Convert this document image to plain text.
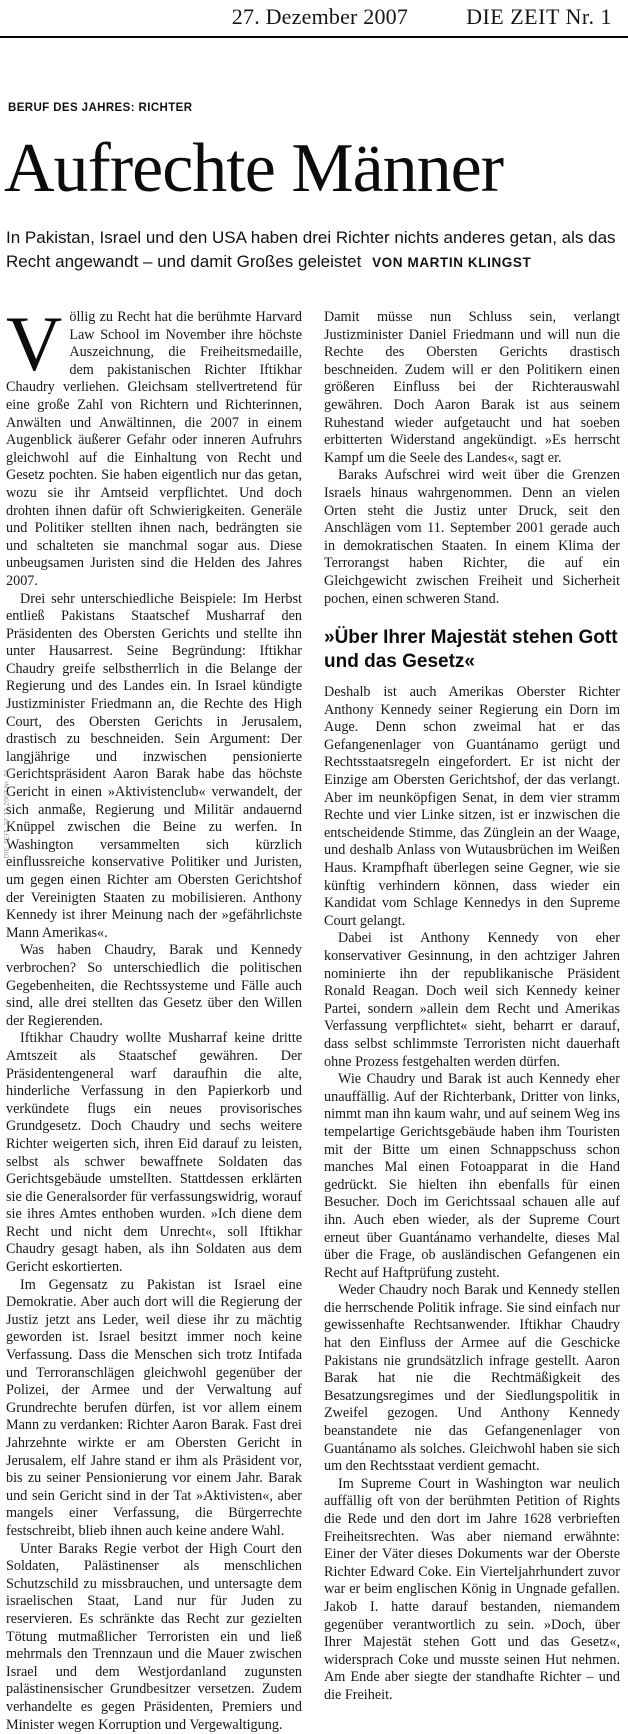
27. Dezember 2007	DIE ZEIT Nr. 1
DIE ZEIT, 27.12.2007 Nr. 01
BERUF DES JAHRES: RICHTER
Aufrechte Männer

In Pakistan, Israel und den USA haben drei Richter nichts anderes getan, als das Recht angewandt – und damit Großes geleistet VON MARTIN KLINGST

V öllig zu Recht hat die berühmte Harvard Law School im November ihre höchste Auszeichnung, die Freiheitsmedaille, dem pakistanischen Richter Iftikhar Chaudry verliehen. Gleichsam stellvertretend für eine große Zahl von Richtern und Richterinnen, Anwälten und Anwältinnen, die 2007 in einem Augenblick äußerer Gefahr oder inneren Aufruhrs gleichwohl auf die Einhaltung von Recht und Gesetz pochten. Sie haben eigentlich nur das getan, wozu sie ihr Amtseid verpflichtet. Und doch drohten ihnen dafür oft Schwierigkeiten. Generäle und Politiker stellten ihnen nach, bedrängten sie und schalteten sie manchmal sogar aus. Diese unbeugsamen Juristen sind die Helden des Jahres 2007.

Drei sehr unterschiedliche Beispiele: Im Herbst entließ Pakistans Staatschef Musharraf den Präsidenten des Obersten Gerichts und stellte ihn unter Hausarrest. Seine Begründung: Iftikhar Chaudry greife selbstherrlich in die Belange der Regierung und des Landes ein. In Israel kündigte Justizminister Friedmann an, die Rechte des High Court, des Obersten Gerichts in Jerusalem, drastisch zu beschneiden. Sein Argument: Der langjährige und inzwischen pensionierte Gerichtspräsident Aaron Barak habe das höchste Gericht in einen »Aktivistenclub« verwandelt, der sich anmaße, Regierung und Militär andauernd Knüppel zwischen die Beine zu werfen. In Washington versammelten sich kürzlich einflussreiche konservative Politiker und Juristen, um gegen einen Richter am Obersten Gerichtshof der Vereinigten Staaten zu mobilisieren. Anthony Kennedy ist ihrer Meinung nach der »gefährlichste Mann Amerikas«.

Was haben Chaudry, Barak und Kennedy verbrochen? So unterschiedlich die politischen Gegebenheiten, die Rechtssysteme und Fälle auch sind, alle drei stellten das Gesetz über den Willen der Regierenden.

Iftikhar Chaudry wollte Musharraf keine dritte Amtszeit als Staatschef gewähren. Der Präsidentengeneral warf daraufhin die alte, hinderliche Verfassung in den Papierkorb und verkündete flugs ein neues provisorisches Grundgesetz. Doch Chaudry und sechs weitere Richter weigerten sich, ihren Eid darauf zu leisten, selbst als schwer bewaffnete Soldaten das Gerichtsgebäude umstellten. Stattdessen erklärten sie die Generalsorder für verfassungswidrig, worauf sie ihres Amtes enthoben wurden. »Ich diene dem Recht und nicht dem Unrecht«, soll Iftikhar Chaudry gesagt haben, als ihn Soldaten aus dem Gericht eskortierten.

Im Gegensatz zu Pakistan ist Israel eine Demokratie. Aber auch dort will die Regierung der Justiz jetzt ans Leder, weil diese ihr zu mächtig geworden ist. Israel besitzt immer noch keine Verfassung. Dass die Menschen sich trotz Intifada und Terroranschlägen gleichwohl gegenüber der Polizei, der Armee und der Verwaltung auf Grundrechte berufen dürfen, ist vor allem einem Mann zu verdanken: Richter Aaron Barak. Fast drei Jahrzehnte wirkte er am Obersten Gericht in Jerusalem, elf Jahre stand er ihm als Präsident vor, bis zu seiner Pensionierung vor einem Jahr. Barak und sein Gericht sind in der Tat »Aktivisten«, aber mangels einer Verfassung, die Bürgerrechte festschreibt, blieb ihnen auch keine andere Wahl.

Unter Baraks Regie verbot der High Court den Soldaten, Palästinenser als menschlichen Schutzschild zu missbrauchen, und untersagte dem israelischen Staat, Land nur für Juden zu reservieren. Es schränkte das Recht zur gezielten Tötung mutmaßlicher Terroristen ein und ließ mehrmals den Trennzaun und die Mauer zwischen Israel und dem Westjordanland zugunsten palästinensischer Grundbesitzer versetzen. Zudem verhandelte es gegen Präsidenten, Premiers und Minister wegen Korruption und Vergewaltigung.

Damit müsse nun Schluss sein, verlangt Justizminister Daniel Friedmann und will nun die Rechte des Obersten Gerichts drastisch beschneiden. Zudem will er den Politikern einen größeren Einfluss bei der Richterauswahl gewähren. Doch Aaron Barak ist aus seinem Ruhestand wieder aufgetaucht und hat soeben erbitterten Widerstand angekündigt. »Es herrscht Kampf um die Seele des Landes«, sagt er.

Baraks Aufschrei wird weit über die Grenzen Israels hinaus wahrgenommen. Denn an vielen Orten steht die Justiz unter Druck, seit den Anschlägen vom 11. September 2001 gerade auch in demokratischen Staaten. In einem Klima der Terrorangst haben Richter, die auf ein Gleichgewicht zwischen Freiheit und Sicherheit pochen, einen schweren Stand.

»Über Ihrer Majestät stehen Gott und das Gesetz«

Deshalb ist auch Amerikas Oberster Richter Anthony Kennedy seiner Regierung ein Dorn im Auge. Denn schon zweimal hat er das Gefangenenlager von Guantánamo gerügt und Rechtsstaatsregeln eingefordert. Er ist nicht der Einzige am Obersten Gerichtshof, der das verlangt. Aber im neunköpfigen Senat, in dem vier stramm Rechte und vier Linke sitzen, ist er inzwischen die entscheidende Stimme, das Zünglein an der Waage, und deshalb Anlass von Wutausbrüchen im Weißen Haus. Krampfhaft überlegen seine Gegner, wie sie künftig verhindern können, dass wieder ein Kandidat vom Schlage Kennedys in den Supreme Court gelangt.

Dabei ist Anthony Kennedy von eher konservativer Gesinnung, in den achtziger Jahren nominierte ihn der republikanische Präsident Ronald Reagan. Doch weil sich Kennedy keiner Partei, sondern »allein dem Recht und Amerikas Verfassung verpflichtet« sieht, beharrt er darauf, dass selbst schlimmste Terroristen nicht dauerhaft ohne Prozess festgehalten werden dürfen.

Wie Chaudry und Barak ist auch Kennedy eher unauffällig. Auf der Richterbank, Dritter von links, nimmt man ihn kaum wahr, und auf seinem Weg ins tempelartige Gerichtsgebäude haben ihm Touristen mit der Bitte um einen Schnappschuss schon manches Mal einen Fotoapparat in die Hand gedrückt. Sie hielten ihn ebenfalls für einen Besucher. Doch im Gerichtssaal schauen alle auf ihn. Auch eben wieder, als der Supreme Court erneut über Guantánamo verhandelte, dieses Mal über die Frage, ob ausländischen Gefangenen ein Recht auf Haftprüfung zusteht.

Weder Chaudry noch Barak und Kennedy stellen die herrschende Politik infrage. Sie sind einfach nur gewissenhafte Rechtsanwender. Iftikhar Chaudry hat den Einfluss der Armee auf die Geschicke Pakistans nie grundsätzlich infrage gestellt. Aaron Barak hat nie die Rechtmäßigkeit des Besatzungsregimes und der Siedlungspolitik in Zweifel gezogen. Und Anthony Kennedy beanstandete nie das Gefangenenlager von Guantánamo als solches. Gleichwohl haben sie sich um den Rechtsstaat verdient gemacht.

Im Supreme Court in Washington war neulich auffällig oft von der berühmten Petition of Rights die Rede und den dort im Jahre 1628 verbrieften Freiheitsrechten. Was aber niemand erwähnte: Einer der Väter dieses Dokuments war der Oberste Richter Edward Coke. Ein Vierteljahrhundert zuvor war er beim englischen König in Ungnade gefallen. Jakob I. hatte darauf bestanden, niemandem gegenüber verantwortlich zu sein. »Doch, über Ihrer Majestät stehen Gott und das Gesetz«, widersprach Coke und musste seinen Hut nehmen. Am Ende aber siegte der standhafte Richter – und die Freiheit.
